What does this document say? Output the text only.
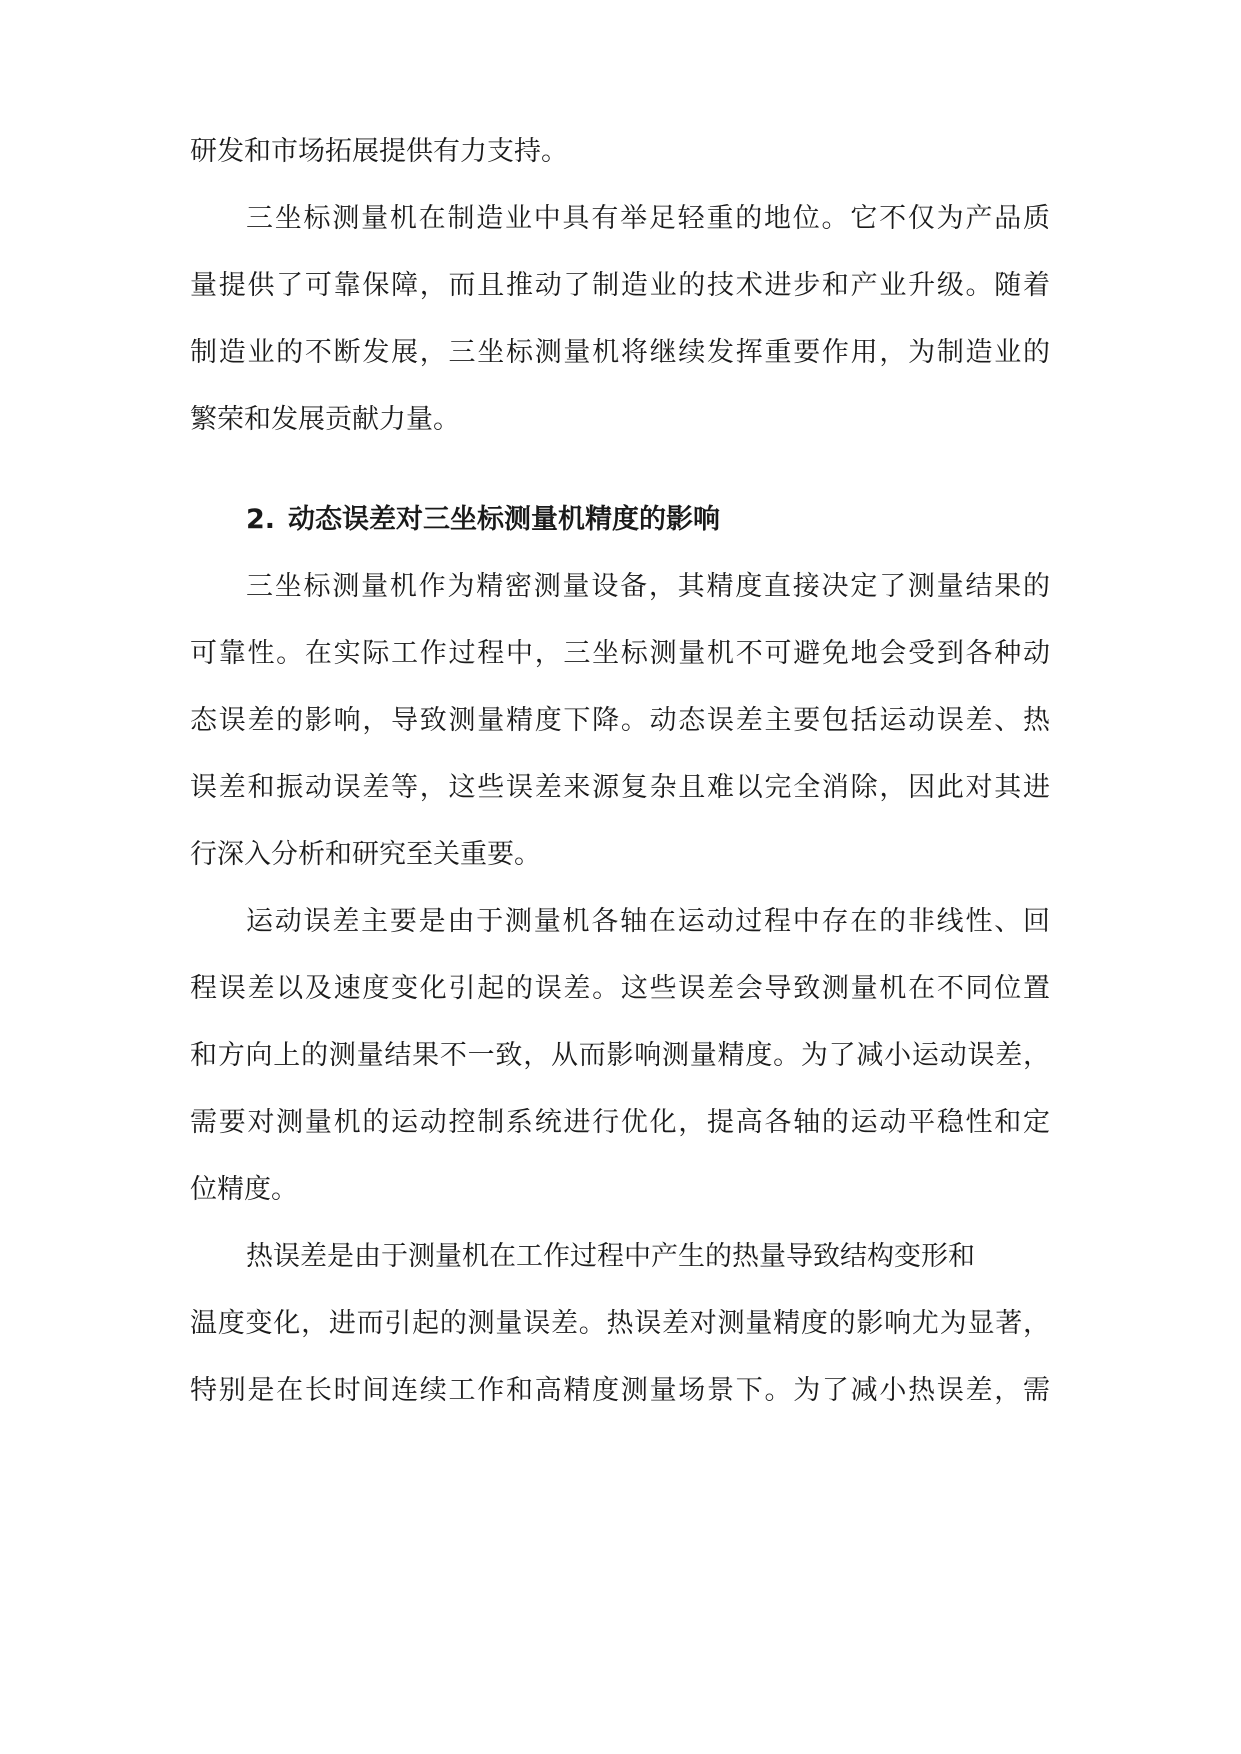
研发和市场拓展提供有力支持。
三坐标测量机在制造业中具有举足轻重的地位。它不仅为产品质
量提供了可靠保障，而且推动了制造业的技术进步和产业升级。随着
制造业的不断发展，三坐标测量机将继续发挥重要作用，为制造业的
繁荣和发展贡献力量。
2. 动态误差对三坐标测量机精度的影响
三坐标测量机作为精密测量设备，其精度直接决定了测量结果的
可靠性。在实际工作过程中，三坐标测量机不可避免地会受到各种动
态误差的影响，导致测量精度下降。动态误差主要包括运动误差、热
误差和振动误差等，这些误差来源复杂且难以完全消除，因此对其进
行深入分析和研究至关重要。
运动误差主要是由于测量机各轴在运动过程中存在的非线性、回
程误差以及速度变化引起的误差。这些误差会导致测量机在不同位置
和方向上的测量结果不一致，从而影响测量精度。为了减小运动误差，
需要对测量机的运动控制系统进行优化，提高各轴的运动平稳性和定
位精度。
热误差是由于测量机在工作过程中产生的热量导致结构变形和
温度变化，进而引起的测量误差。热误差对测量精度的影响尤为显著，
特别是在长时间连续工作和高精度测量场景下。为了减小热误差，需
